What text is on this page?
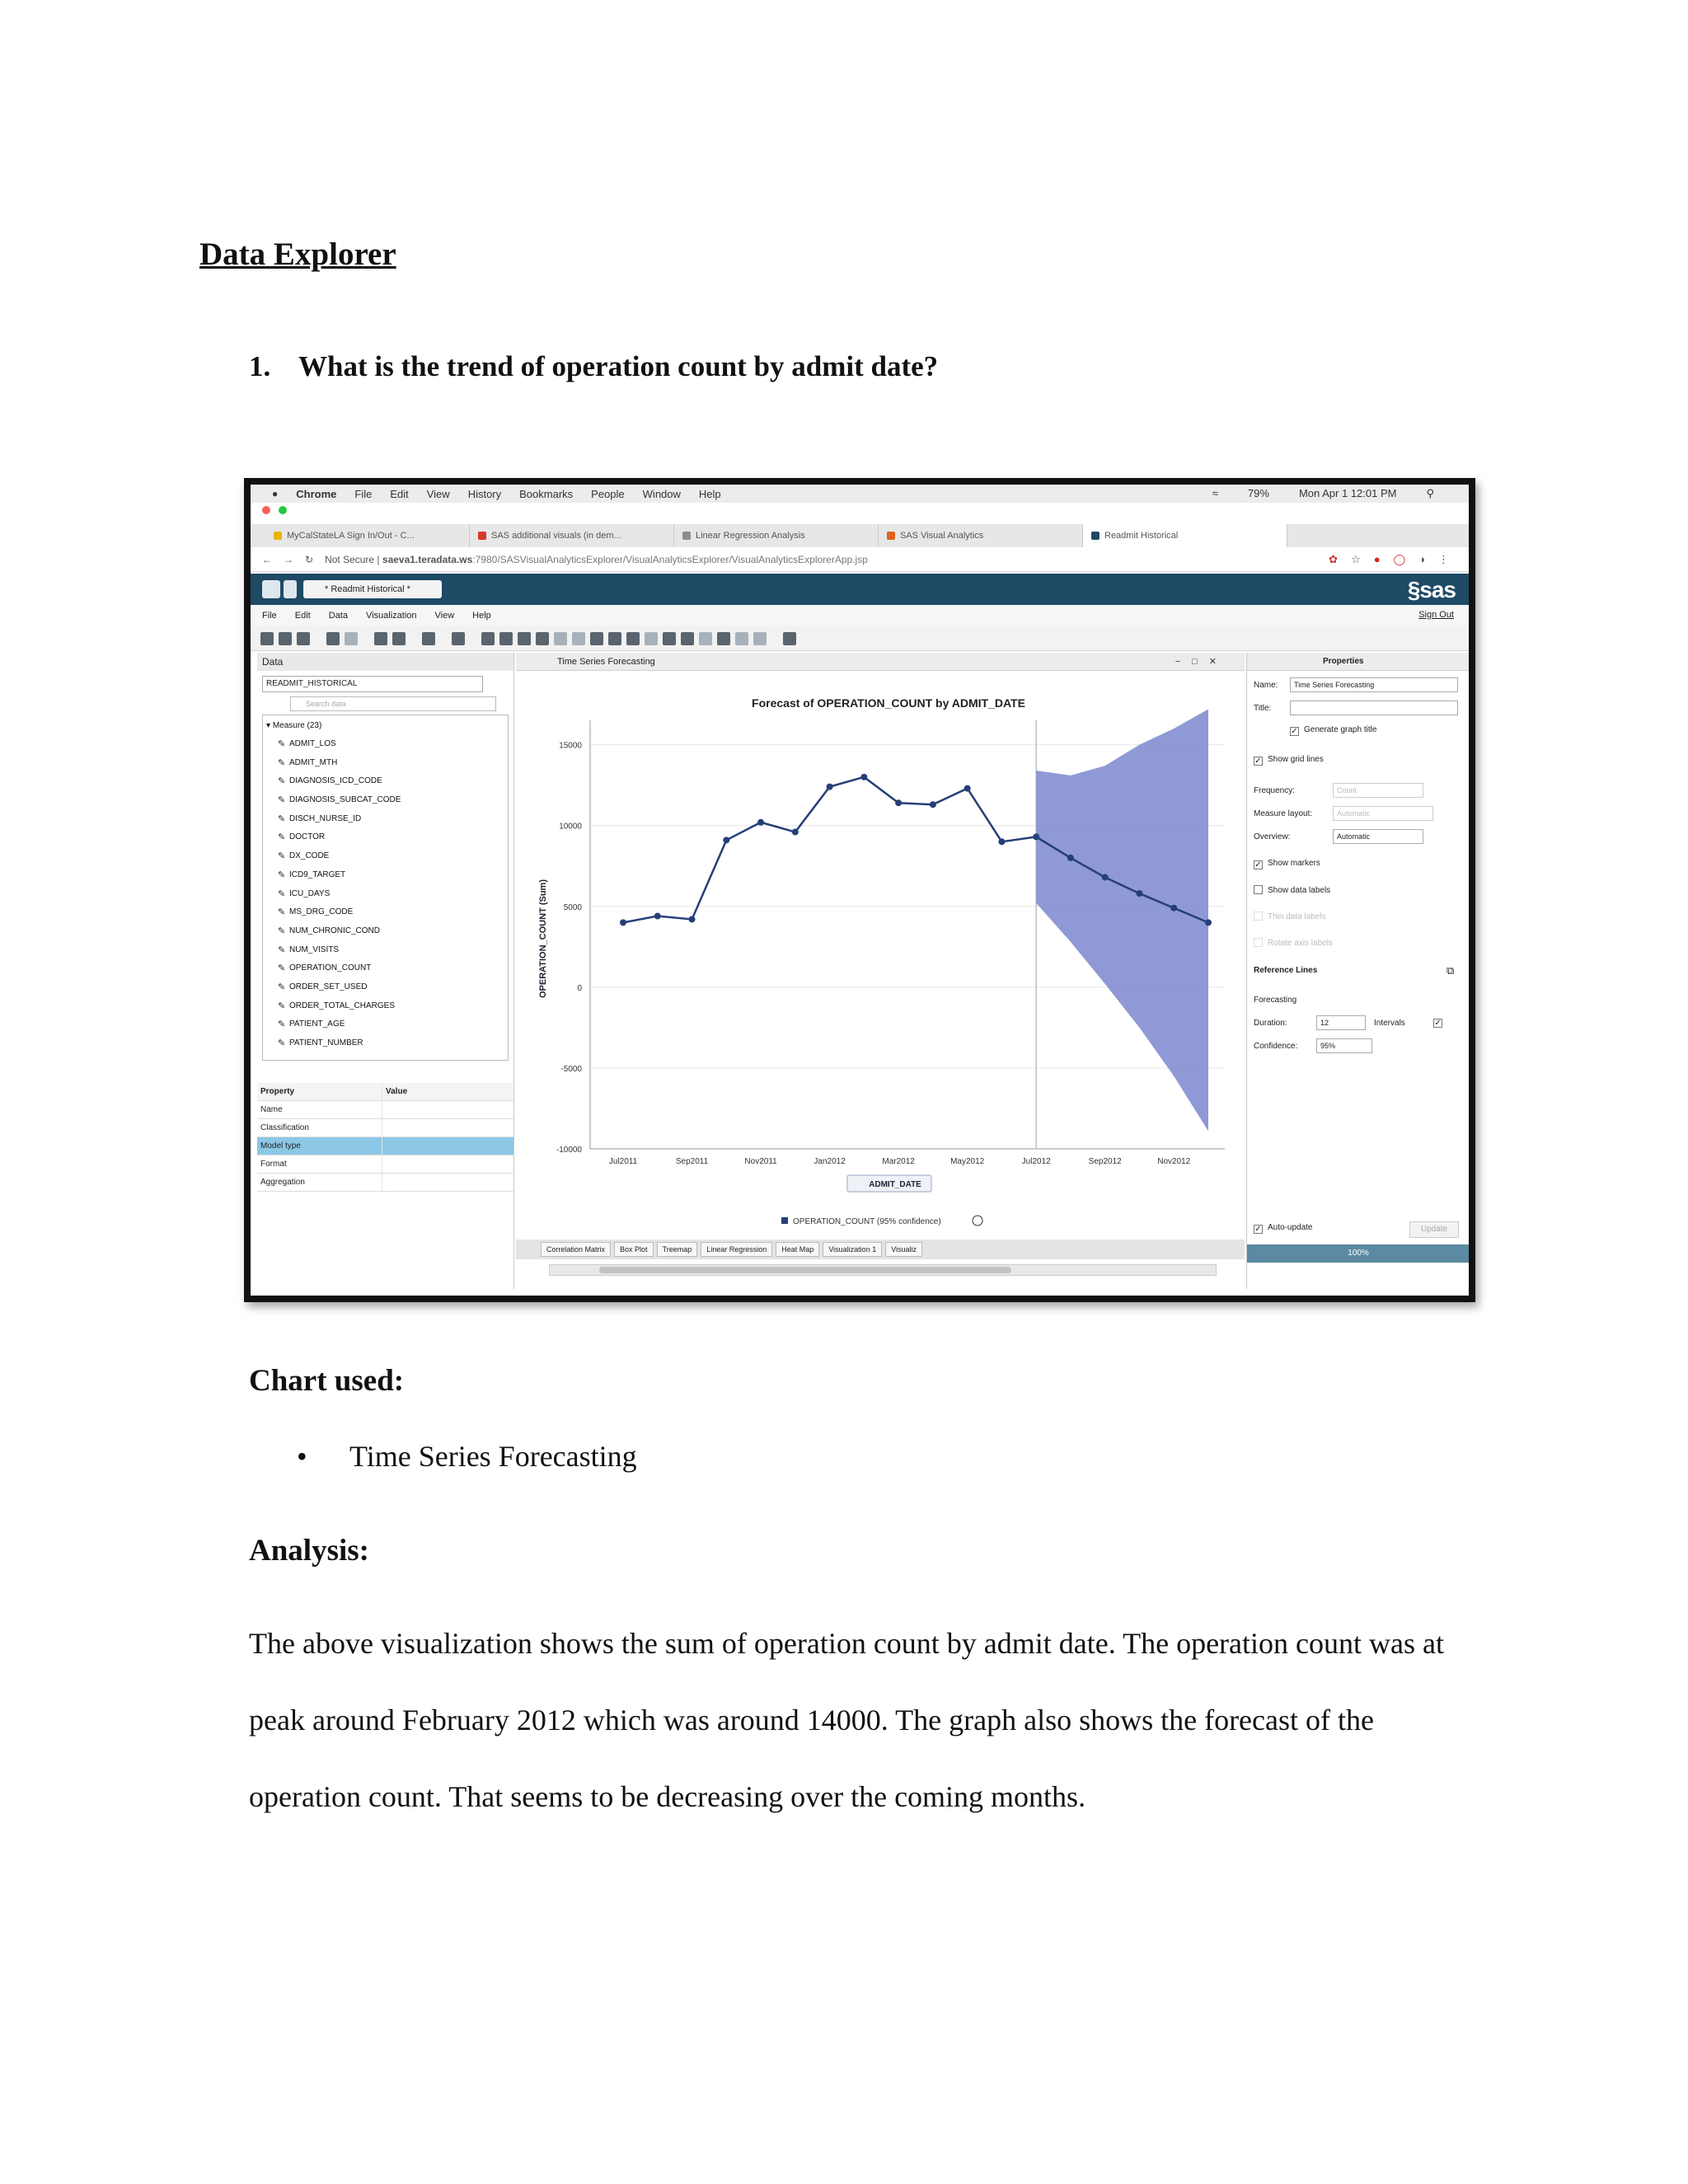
Data Explorer
1. What is the trend of operation count by admit date?
● Chrome File Edit View History Bookmarks People Window Help	≈	79%	Mon Apr 1 12:01 PM	⚲
MyCalStateLA Sign In/Out - C...	SAS additional visuals (in dem...	Linear Regression Analysis	SAS Visual Analytics	Readmit Historical
← → ↻ Not Secure | saeva1.teradata.ws:7980/SASVisualAnalyticsExplorer/VisualAnalyticsExplorer/VisualAnalyticsExplorerApp.jsp	✿ ☆ ● ◯ ◑ ⋮
* Readmit Historical *	§sas
File Edit Data Visualization View Help	Sign Out
Data
READMIT_HISTORICAL
Search data
▾ Measure (23)
✎ ADMIT_LOS
✎ ADMIT_MTH
✎ DIAGNOSIS_ICD_CODE
✎ DIAGNOSIS_SUBCAT_CODE
✎ DISCH_NURSE_ID
✎ DOCTOR
✎ DX_CODE
✎ ICD9_TARGET
✎ ICU_DAYS
✎ MS_DRG_CODE
✎ NUM_CHRONIC_COND
✎ NUM_VISITS
✎ OPERATION_COUNT
✎ ORDER_SET_USED
✎ ORDER_TOTAL_CHARGES
✎ PATIENT_AGE
✎ PATIENT_NUMBER
Property	Value
Name
Classification
Model type
Format
Aggregation
Time Series Forecasting	−□✕
Forecast of OPERATION_COUNT by ADMIT_DATE
15000
10000
5000
0
-5000
-10000
OPERATION_COUNT (Sum)
Jul2011	Sep2011	Nov2011	Jan2012	Mar2012	May2012	Jul2012	Sep2012	Nov2012
ADMIT_DATE
OPERATION_COUNT (95% confidence)
Correlation Matrix	Box Plot	Treemap	Linear Regression	Heat Map	Visualization 1	Visualiz
Properties
Name:	Time Series Forecasting
Title:
✓ Generate graph title
✓ Show grid lines
Frequency:	Count
Measure layout:	Automatic
Overview:	Automatic
✓ Show markers
Show data labels
Thin data labels
Rotate axis labels
Reference Lines	⧉
Forecasting
Duration:	12	Intervals	✓
Confidence:	95%
✓ Auto-update	Update
100%
Chart used:
• Time Series Forecasting
Analysis:
The above visualization shows the sum of operation count by admit date. The operation count was at peak around February 2012 which was around 14000. The graph also shows the forecast of the operation count. That seems to be decreasing over the coming months.
